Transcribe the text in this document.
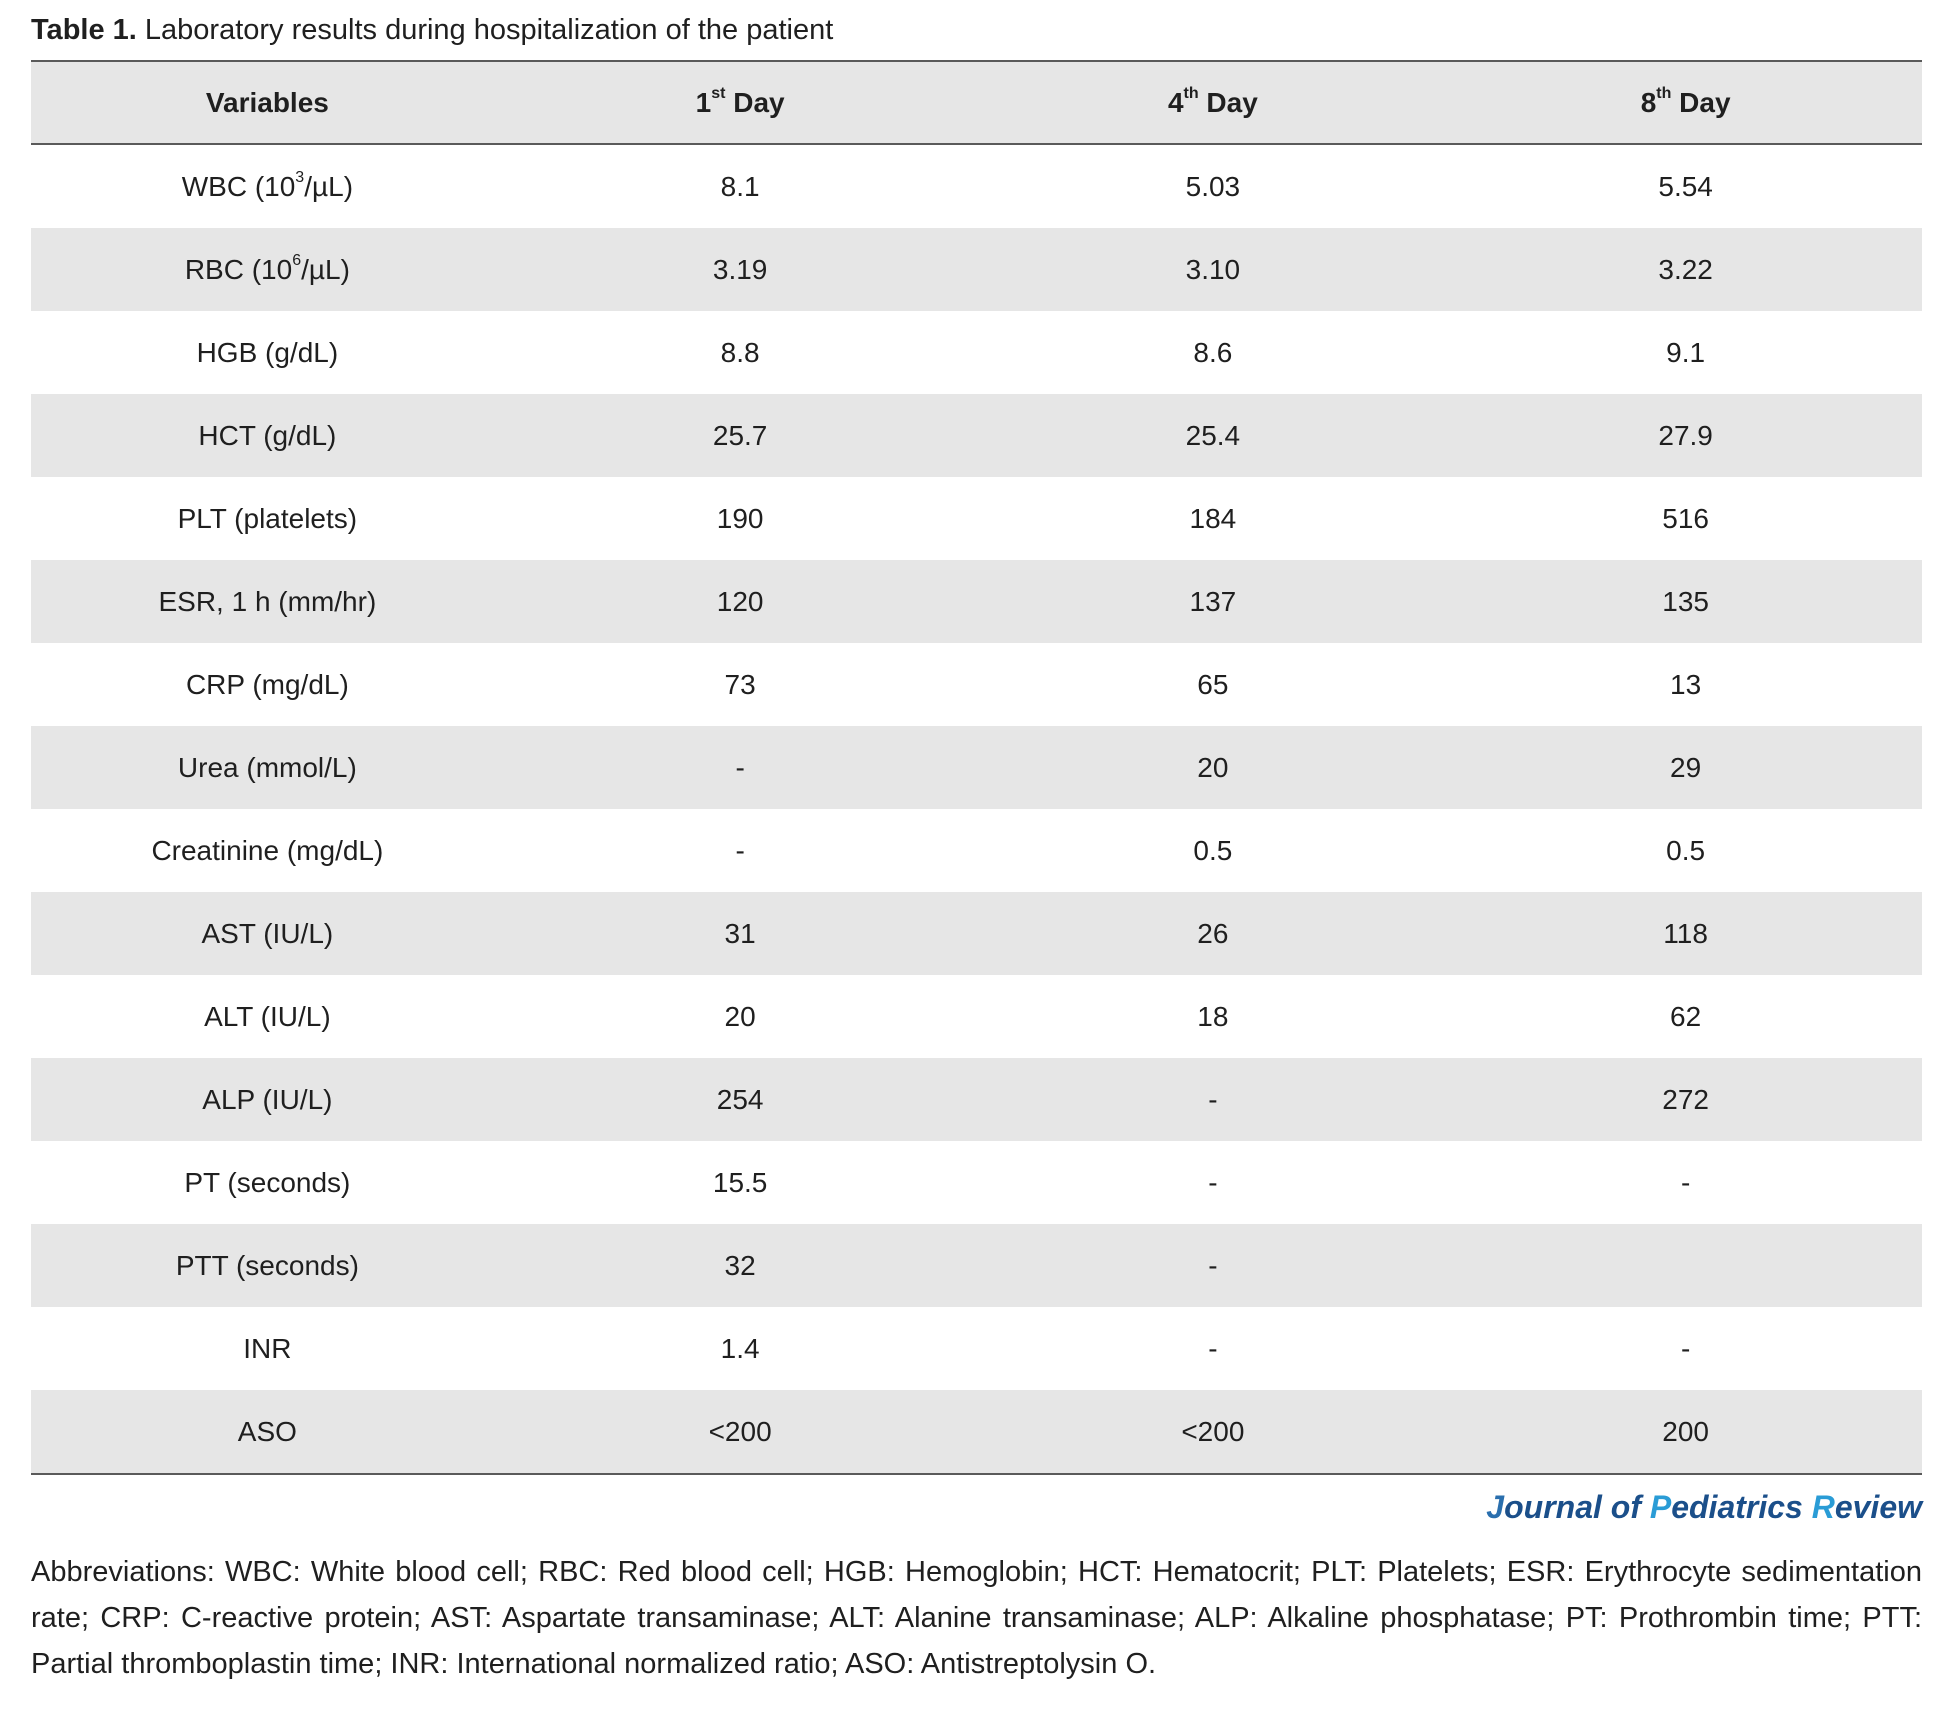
Table 1. Laboratory results during hospitalization of the patient

Variables	1st Day	4th Day	8th Day
WBC $(10^3/\mu L)$	8.1	5.03	5.54
RBC $(10^6/\mu L)$	3.19	3.10	3.22
HGB (g/dL)	8.8	8.6	9.1
HCT (g/dL)	25.7	25.4	27.9
PLT (platelets)	190	184	516
ESR, 1 h (mm/hr)	120	137	135
CRP (mg/dL)	73	65	13
Urea (mmol/L)	-	20	29
Creatinine (mg/dL)	-	0.5	0.5
AST (IU/L)	31	26	118
ALT (IU/L)	20	18	62
ALP (IU/L)	254	-	272
PT (seconds)	15.5	-	-
PTT (seconds)	32	-	
INR	1.4	-	-
ASO	<200	<200	200
Journal of Pediatrics Review

Abbreviations: WBC: White blood cell; RBC: Red blood cell; HGB: Hemoglobin; HCT: Hematocrit; PLT: Platelets; ESR: Erythrocyte sedimentation rate; CRP: C-reactive protein; AST: Aspartate transaminase; ALT: Alanine transaminase; ALP: Alkaline phosphatase; PT: Prothrombin time; PTT: Partial thromboplastin time; INR: International normalized ratio; ASO: Antistreptolysin O.
